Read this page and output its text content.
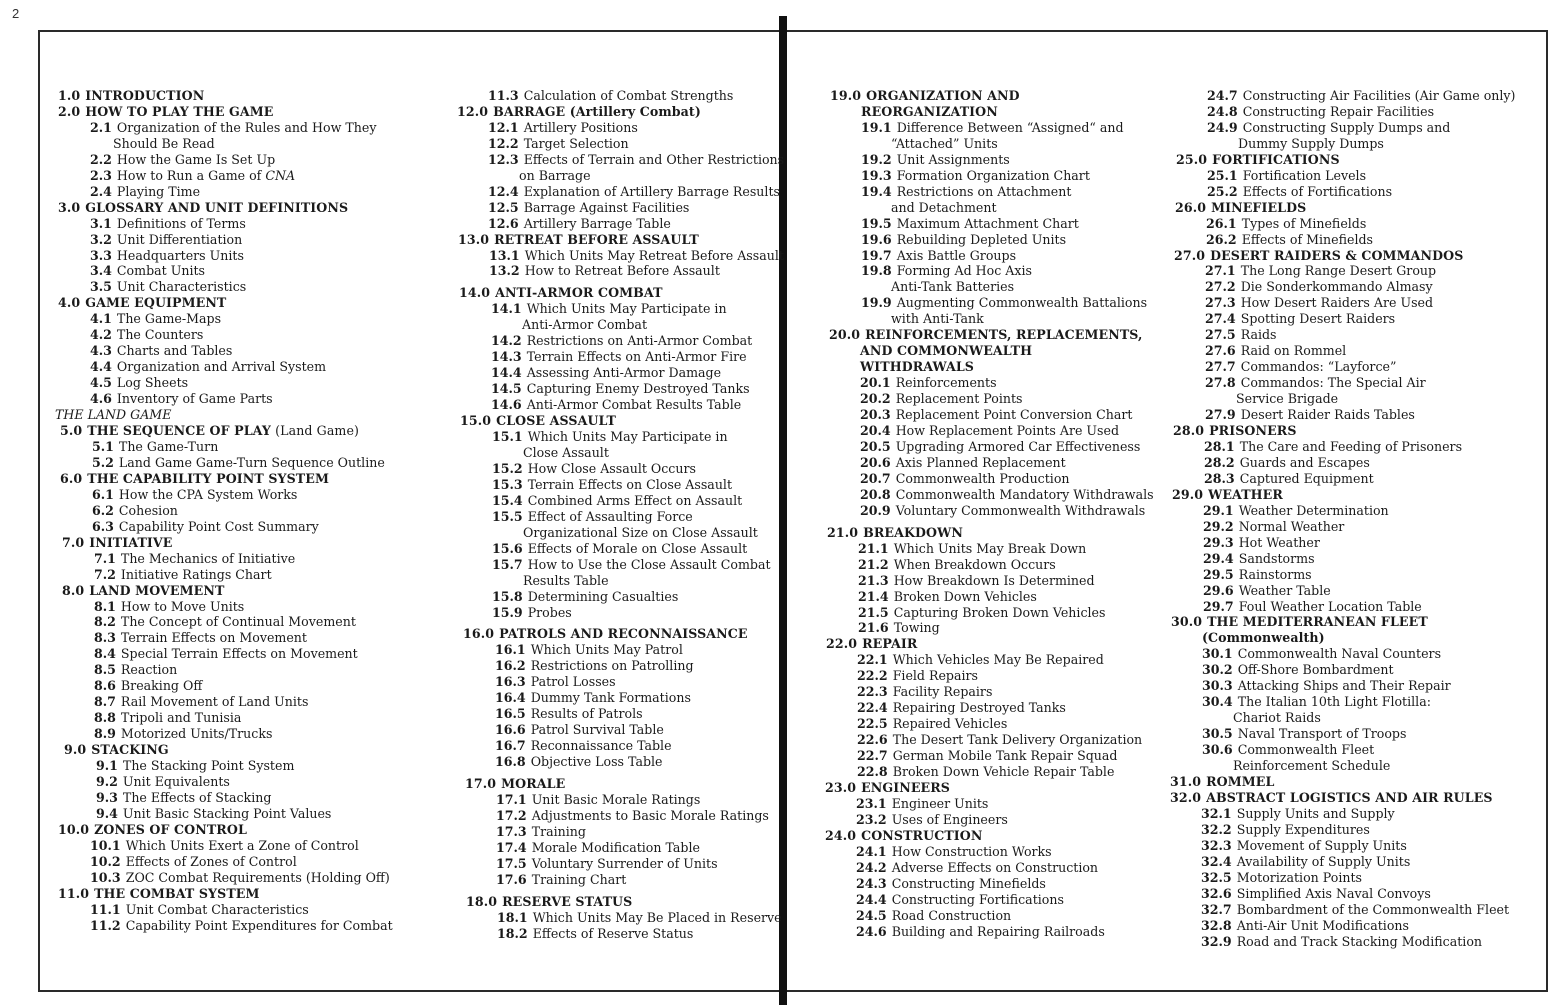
2
1.0 INTRODUCTION
2.0 HOW TO PLAY THE GAME
2.1 Organization of the Rules and How They
Should Be Read
2.2 How the Game Is Set Up
2.3 How to Run a Game of CNA
2.4 Playing Time
3.0 GLOSSARY AND UNIT DEFINITIONS
3.1 Definitions of Terms
3.2 Unit Differentiation
3.3 Headquarters Units
3.4 Combat Units
3.5 Unit Characteristics
4.0 GAME EQUIPMENT
4.1 The Game-Maps
4.2 The Counters
4.3 Charts and Tables
4.4 Organization and Arrival System
4.5 Log Sheets
4.6 Inventory of Game Parts
THE LAND GAME
5.0 THE SEQUENCE OF PLAY (Land Game)
5.1 The Game-Turn
5.2 Land Game Game-Turn Sequence Outline
6.0 THE CAPABILITY POINT SYSTEM
6.1 How the CPA System Works
6.2 Cohesion
6.3 Capability Point Cost Summary
7.0 INITIATIVE
7.1 The Mechanics of Initiative
7.2 Initiative Ratings Chart
8.0 LAND MOVEMENT
8.1 How to Move Units
8.2 The Concept of Continual Movement
8.3 Terrain Effects on Movement
8.4 Special Terrain Effects on Movement
8.5 Reaction
8.6 Breaking Off
8.7 Rail Movement of Land Units
8.8 Tripoli and Tunisia
8.9 Motorized Units/Trucks
9.0 STACKING
9.1 The Stacking Point System
9.2 Unit Equivalents
9.3 The Effects of Stacking
9.4 Unit Basic Stacking Point Values
10.0 ZONES OF CONTROL
10.1 Which Units Exert a Zone of Control
10.2 Effects of Zones of Control
10.3 ZOC Combat Requirements (Holding Off)
11.0 THE COMBAT SYSTEM
11.1 Unit Combat Characteristics
11.2 Capability Point Expenditures for Combat
11.3 Calculation of Combat Strengths
12.0 BARRAGE (Artillery Combat)
12.1 Artillery Positions
12.2 Target Selection
12.3 Effects of Terrain and Other Restrictions
on Barrage
12.4 Explanation of Artillery Barrage Results
12.5 Barrage Against Facilities
12.6 Artillery Barrage Table
13.0 RETREAT BEFORE ASSAULT
13.1 Which Units May Retreat Before Assault
13.2 How to Retreat Before Assault
14.0 ANTI-ARMOR COMBAT
14.1 Which Units May Participate in
Anti-Armor Combat
14.2 Restrictions on Anti-Armor Combat
14.3 Terrain Effects on Anti-Armor Fire
14.4 Assessing Anti-Armor Damage
14.5 Capturing Enemy Destroyed Tanks
14.6 Anti-Armor Combat Results Table
15.0 CLOSE ASSAULT
15.1 Which Units May Participate in
Close Assault
15.2 How Close Assault Occurs
15.3 Terrain Effects on Close Assault
15.4 Combined Arms Effect on Assault
15.5 Effect of Assaulting Force
Organizational Size on Close Assault
15.6 Effects of Morale on Close Assault
15.7 How to Use the Close Assault Combat
Results Table
15.8 Determining Casualties
15.9 Probes
16.0 PATROLS AND RECONNAISSANCE
16.1 Which Units May Patrol
16.2 Restrictions on Patrolling
16.3 Patrol Losses
16.4 Dummy Tank Formations
16.5 Results of Patrols
16.6 Patrol Survival Table
16.7 Reconnaissance Table
16.8 Objective Loss Table
17.0 MORALE
17.1 Unit Basic Morale Ratings
17.2 Adjustments to Basic Morale Ratings
17.3 Training
17.4 Morale Modification Table
17.5 Voluntary Surrender of Units
17.6 Training Chart
18.0 RESERVE STATUS
18.1 Which Units May Be Placed in Reserve
18.2 Effects of Reserve Status
19.0 ORGANIZATION AND
REORGANIZATION
19.1 Difference Between “Assigned“ and
“Attached” Units
19.2 Unit Assignments
19.3 Formation Organization Chart
19.4 Restrictions on Attachment
and Detachment
19.5 Maximum Attachment Chart
19.6 Rebuilding Depleted Units
19.7 Axis Battle Groups
19.8 Forming Ad Hoc Axis
Anti-Tank Batteries
19.9 Augmenting Commonwealth Battalions
with Anti-Tank
20.0 REINFORCEMENTS, REPLACEMENTS,
AND COMMONWEALTH
WITHDRAWALS
20.1 Reinforcements
20.2 Replacement Points
20.3 Replacement Point Conversion Chart
20.4 How Replacement Points Are Used
20.5 Upgrading Armored Car Effectiveness
20.6 Axis Planned Replacement
20.7 Commonwealth Production
20.8 Commonwealth Mandatory Withdrawals
20.9 Voluntary Commonwealth Withdrawals
21.0 BREAKDOWN
21.1 Which Units May Break Down
21.2 When Breakdown Occurs
21.3 How Breakdown Is Determined
21.4 Broken Down Vehicles
21.5 Capturing Broken Down Vehicles
21.6 Towing
22.0 REPAIR
22.1 Which Vehicles May Be Repaired
22.2 Field Repairs
22.3 Facility Repairs
22.4 Repairing Destroyed Tanks
22.5 Repaired Vehicles
22.6 The Desert Tank Delivery Organization
22.7 German Mobile Tank Repair Squad
22.8 Broken Down Vehicle Repair Table
23.0 ENGINEERS
23.1 Engineer Units
23.2 Uses of Engineers
24.0 CONSTRUCTION
24.1 How Construction Works
24.2 Adverse Effects on Construction
24.3 Constructing Minefields
24.4 Constructing Fortifications
24.5 Road Construction
24.6 Building and Repairing Railroads
24.7 Constructing Air Facilities (Air Game only)
24.8 Constructing Repair Facilities
24.9 Constructing Supply Dumps and
Dummy Supply Dumps
25.0 FORTIFICATIONS
25.1 Fortification Levels
25.2 Effects of Fortifications
26.0 MINEFIELDS
26.1 Types of Minefields
26.2 Effects of Minefields
27.0 DESERT RAIDERS & COMMANDOS
27.1 The Long Range Desert Group
27.2 Die Sonderkommando Almasy
27.3 How Desert Raiders Are Used
27.4 Spotting Desert Raiders
27.5 Raids
27.6 Raid on Rommel
27.7 Commandos: “Layforce”
27.8 Commandos: The Special Air
Service Brigade
27.9 Desert Raider Raids Tables
28.0 PRISONERS
28.1 The Care and Feeding of Prisoners
28.2 Guards and Escapes
28.3 Captured Equipment
29.0 WEATHER
29.1 Weather Determination
29.2 Normal Weather
29.3 Hot Weather
29.4 Sandstorms
29.5 Rainstorms
29.6 Weather Table
29.7 Foul Weather Location Table
30.0 THE MEDITERRANEAN FLEET
(Commonwealth)
30.1 Commonwealth Naval Counters
30.2 Off-Shore Bombardment
30.3 Attacking Ships and Their Repair
30.4 The Italian 10th Light Flotilla:
Chariot Raids
30.5 Naval Transport of Troops
30.6 Commonwealth Fleet
Reinforcement Schedule
31.0 ROMMEL
32.0 ABSTRACT LOGISTICS AND AIR RULES
32.1 Supply Units and Supply
32.2 Supply Expenditures
32.3 Movement of Supply Units
32.4 Availability of Supply Units
32.5 Motorization Points
32.6 Simplified Axis Naval Convoys
32.7 Bombardment of the Commonwealth Fleet
32.8 Anti-Air Unit Modifications
32.9 Road and Track Stacking Modification
